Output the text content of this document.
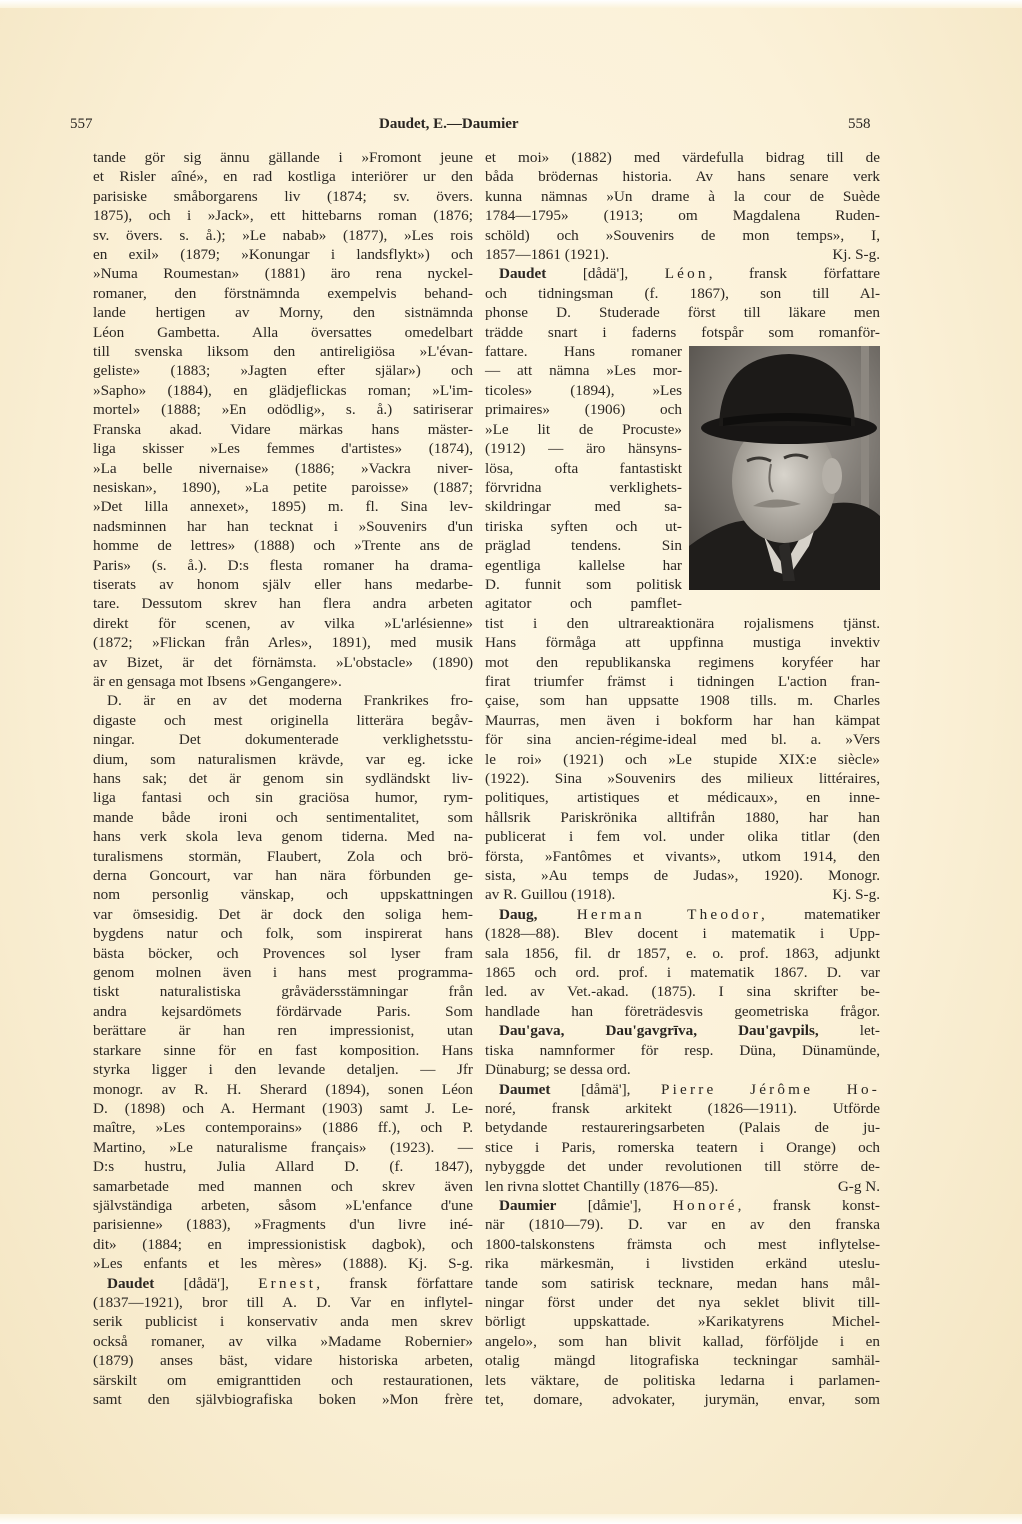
557	Daudet, E.—Daumier	558

tande gör sig ännu gällande i »Fromont jeune
et Risler aîné», en rad kostliga interiörer ur den
parisiske småborgarens liv (1874; sv. övers.
1875), och i »Jack», ett hittebarns roman (1876;
sv. övers. s. å.); »Le nabab» (1877), »Les rois
en exil» (1879; »Konungar i landsflykt») och
»Numa Roumestan» (1881) äro rena nyckel-
romaner, den förstnämnda exempelvis behand-
lande hertigen av Morny, den sistnämnda
Léon Gambetta. Alla översattes omedelbart
till svenska liksom den antireligiösa »L'évan-
geliste» (1883; »Jagten efter själar») och
»Sapho» (1884), en glädjeflickas roman; »L'im-
mortel» (1888; »En odödlig», s. å.) satiriserar
Franska akad. Vidare märkas hans mäster-
liga skisser »Les femmes d'artistes» (1874),
»La belle nivernaise» (1886; »Vackra niver-
nesiskan», 1890), »La petite paroisse» (1887;
»Det lilla annexet», 1895) m. fl. Sina lev-
nadsminnen har han tecknat i »Souvenirs d'un
homme de lettres» (1888) och »Trente ans de
Paris» (s. å.). D:s flesta romaner ha drama-
tiserats av honom själv eller hans medarbe-
tare. Dessutom skrev han flera andra arbeten
direkt för scenen, av vilka »L'arlésienne»
(1872; »Flickan från Arles», 1891), med musik
av Bizet, är det förnämsta. »L'obstacle» (1890)
är en gensaga mot Ibsens »Gengangere».

D. är en av det moderna Frankrikes fro-

digaste och mest originella litterära begåv-
ningar. Det dokumenterade verklighetsstu-
dium, som naturalismen krävde, var eg. icke
hans sak; det är genom sin sydländskt liv-
liga fantasi och sin graciösa humor, rym-
mande både ironi och sentimentalitet, som
hans verk skola leva genom tiderna. Med na-
turalismens stormän, Flaubert, Zola och brö-
derna Goncourt, var han nära förbunden ge-
nom personlig vänskap, och uppskattningen
var ömsesidig. Det är dock den soliga hem-
bygdens natur och folk, som inspirerat hans
bästa böcker, och Provences sol lyser fram
genom molnen även i hans mest programma-
tiskt naturalistiska gråvädersstämningar från
andra kejsardömets fördärvade Paris. Som
berättare är han ren impressionist, utan
starkare sinne för en fast komposition. Hans
styrka ligger i den levande detaljen. — Jfr
monogr. av R. H. Sherard (1894), sonen Léon
D. (1898) och A. Hermant (1903) samt J. Le-
maître, »Les contemporains» (1886 ff.), och P.
Martino, »Le naturalisme français» (1923). —
D:s hustru, Julia Allard D. (f. 1847),
samarbetade med mannen och skrev även
självständiga arbeten, såsom »L'enfance d'une
parisienne» (1883), »Fragments d'un livre iné-
dit» (1884; en impressionistisk dagbok), och
»Les enfants et les mères» (1888). Kj. S-g.

Daudet [dådä'], Ernest, fransk författare
(1837—1921), bror till A. D. Var en inflytel-
serik publicist i konservativ anda men skrev
också romaner, av vilka »Madame Robernier»
(1879) anses bäst, vidare historiska arbeten,
särskilt om emigranttiden och restaurationen,
samt den självbiografiska boken »Mon frère

et moi» (1882) med värdefulla bidrag till de
båda brödernas historia. Av hans senare verk
kunna nämnas »Un drame à la cour de Suède
1784—1795» (1913; om Magdalena Ruden-
schöld) och »Souvenirs de mon temps», I,
1857—1861 (1921).	Kj. S-g.

Daudet [dådä'], Léon, fransk författare
och tidningsman (f. 1867), son till Al-
phonse D. Studerade först till läkare men
trädde snart i faderns fotspår som romanför-
fattare. Hans romaner
— att nämna »Les mor-
ticoles» (1894), »Les
primaires» (1906) och
»Le lit de Procuste»
(1912) — äro hänsyns-
lösa, ofta fantastiskt
förvridna verklighets-
skildringar med sa-
tiriska syften och ut-
präglad tendens. Sin
egentliga kallelse har
D. funnit som politisk
agitator och pamflet-
tist i den ultrareaktionära rojalismens tjänst.
Hans förmåga att uppfinna mustiga invektiv
mot den republikanska regimens koryféer har
firat triumfer främst i tidningen L'action fran-
çaise, som han uppsatte 1908 tills. m. Charles
Maurras, men även i bokform har han kämpat
för sina ancien-régime-ideal med bl. a. »Vers
le roi» (1921) och »Le stupide XIX:e siècle»
(1922). Sina »Souvenirs des milieux littéraires,
politiques, artistiques et médicaux», en inne-
hållsrik Pariskrönika alltifrån 1880, har han
publicerat i fem vol. under olika titlar (den
första, »Fantômes et vivants», utkom 1914, den
sista, »Au temps de Judas», 1920). Monogr.
av R. Guillou (1918).	Kj. S-g.

Daug,	Herman Theodor, matematiker
(1828—88). Blev docent i matematik i Upp-
sala 1856, fil. dr 1857, e. o. prof. 1863, adjunkt
1865 och ord. prof. i matematik 1867. D. var
led. av Vet.-akad. (1875). I sina skrifter be-
handlade han företrädesvis geometriska frågor.

Dau'gava, Dau'gavgrīva, Dau'gavpils, let-
tiska namnformer för resp. Düna, Dünamünde,
Dünaburg; se dessa ord.

Daumet [dåmä'], Pierre Jérôme Ho-
noré, fransk arkitekt (1826—1911). Utförde
betydande restaureringsarbeten (Palais de ju-
stice i Paris, romerska teatern i Orange) och
nybyggde det under revolutionen till större de-
len rivna slottet Chantilly (1876—85).	G-g N.

Daumier [dåmie'], Honoré, fransk konst-
när (1810—79). D. var en av den franska
1800-talskonstens främsta och mest inflytelse-
rika märkesmän, i livstiden erkänd uteslu-
tande som satirisk tecknare, medan hans mål-
ningar först under det nya seklet blivit till-
börligt uppskattade. »Karikatyrens Michel-
angelo», som han blivit kallad, förföljde i en
otalig mängd litografiska teckningar samhäl-
lets väktare, de politiska ledarna i parlamen-
tet, domare, advokater, jurymän, envar, som
